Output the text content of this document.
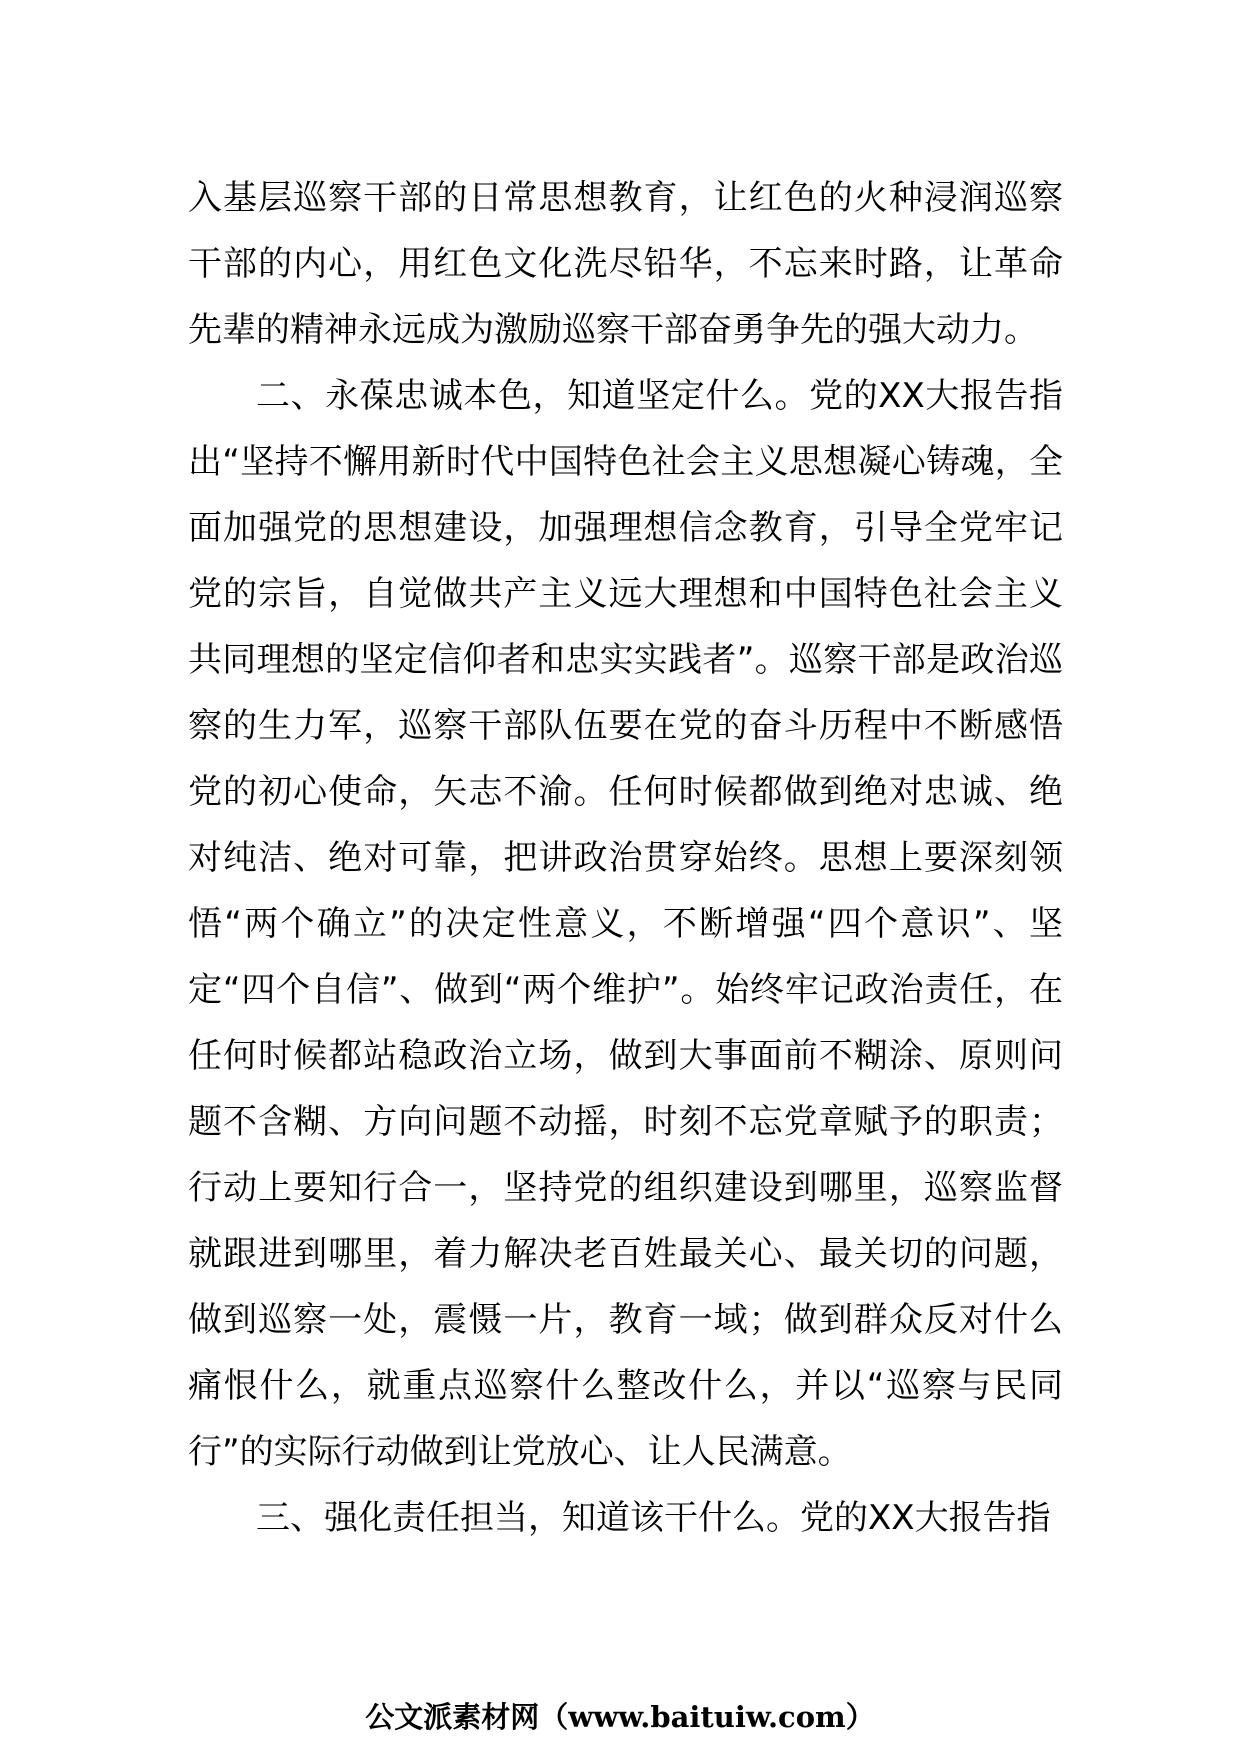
入基层巡察干部的日常思想教育，让红色的火种浸润巡察干部的内心，用红色文化洗尽铅华，不忘来时路，让革命先辈的精神永远成为激励巡察干部奋勇争先的强大动力。

二、永葆忠诚本色，知道坚定什么。党的XX大报告指出“坚持不懈用新时代中国特色社会主义思想凝心铸魂，全面加强党的思想建设，加强理想信念教育，引导全党牢记党的宗旨，自觉做共产主义远大理想和中国特色社会主义共同理想的坚定信仰者和忠实实践者”。巡察干部是政治巡察的生力军，巡察干部队伍要在党的奋斗历程中不断感悟党的初心使命，矢志不渝。任何时候都做到绝对忠诚、绝对纯洁、绝对可靠，把讲政治贯穿始终。思想上要深刻领悟“两个确立”的决定性意义，不断增强“四个意识”、坚定“四个自信”、做到“两个维护”。始终牢记政治责任，在任何时候都站稳政治立场，做到大事面前不糊涂、原则问题不含糊、方向问题不动摇，时刻不忘党章赋予的职责；行动上要知行合一，坚持党的组织建设到哪里，巡察监督就跟进到哪里，着力解决老百姓最关心、最关切的问题，做到巡察一处，震慑一片，教育一域；做到群众反对什么痛恨什么，就重点巡察什么整改什么，并以“巡察与民同行”的实际行动做到让党放心、让人民满意。

三、强化责任担当，知道该干什么。党的XX大报告指

公文派素材网（www.baituiw.com）
